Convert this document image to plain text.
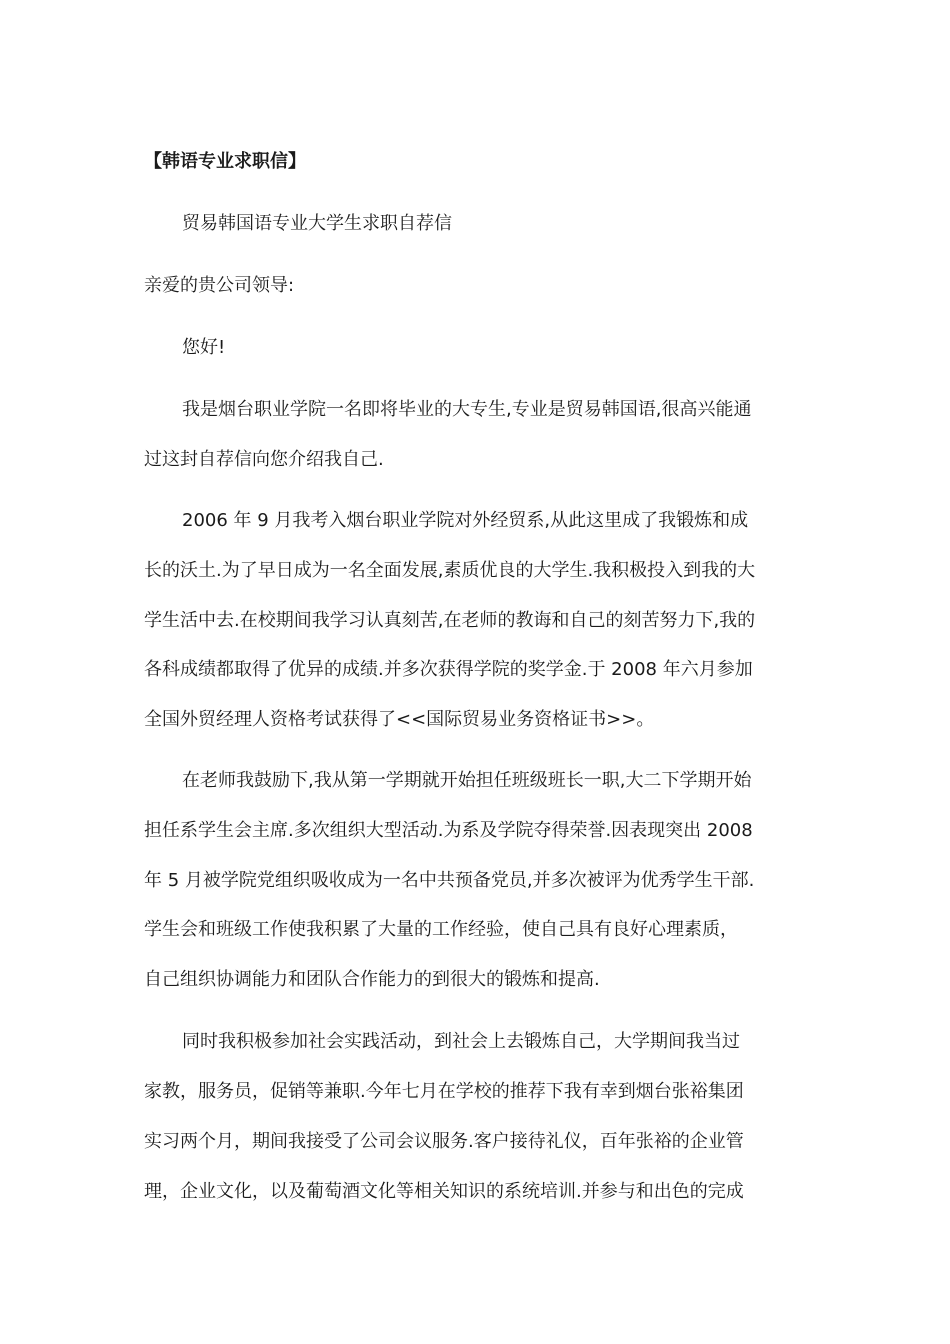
【韩语专业求职信】

贸易韩国语专业大学生求职自荐信

亲爱的贵公司领导:

您好!

我是烟台职业学院一名即将毕业的大专生,专业是贸易韩国语,很高兴能通

过这封自荐信向您介绍我自己.

2006 年 9 月我考入烟台职业学院对外经贸系,从此这里成了我锻炼和成

长的沃土.为了早日成为一名全面发展,素质优良的大学生.我积极投入到我的大

学生活中去.在校期间我学习认真刻苦,在老师的教诲和自己的刻苦努力下,我的

各科成绩都取得了优异的成绩.并多次获得学院的奖学金.于 2008 年六月参加

全国外贸经理人资格考试获得了<<国际贸易业务资格证书>>。

在老师我鼓励下,我从第一学期就开始担任班级班长一职,大二下学期开始

担任系学生会主席.多次组织大型活动.为系及学院夺得荣誉.因表现突出 2008

年 5 月被学院党组织吸收成为一名中共预备党员,并多次被评为优秀学生干部.

学生会和班级工作使我积累了大量的工作经验，使自己具有良好心理素质，

自己组织协调能力和团队合作能力的到很大的锻炼和提高.

同时我积极参加社会实践活动，到社会上去锻炼自己，大学期间我当过

家教，服务员，促销等兼职.今年七月在学校的推荐下我有幸到烟台张裕集团

实习两个月，期间我接受了公司会议服务.客户接待礼仪，百年张裕的企业管

理，企业文化，以及葡萄酒文化等相关知识的系统培训.并参与和出色的完成
